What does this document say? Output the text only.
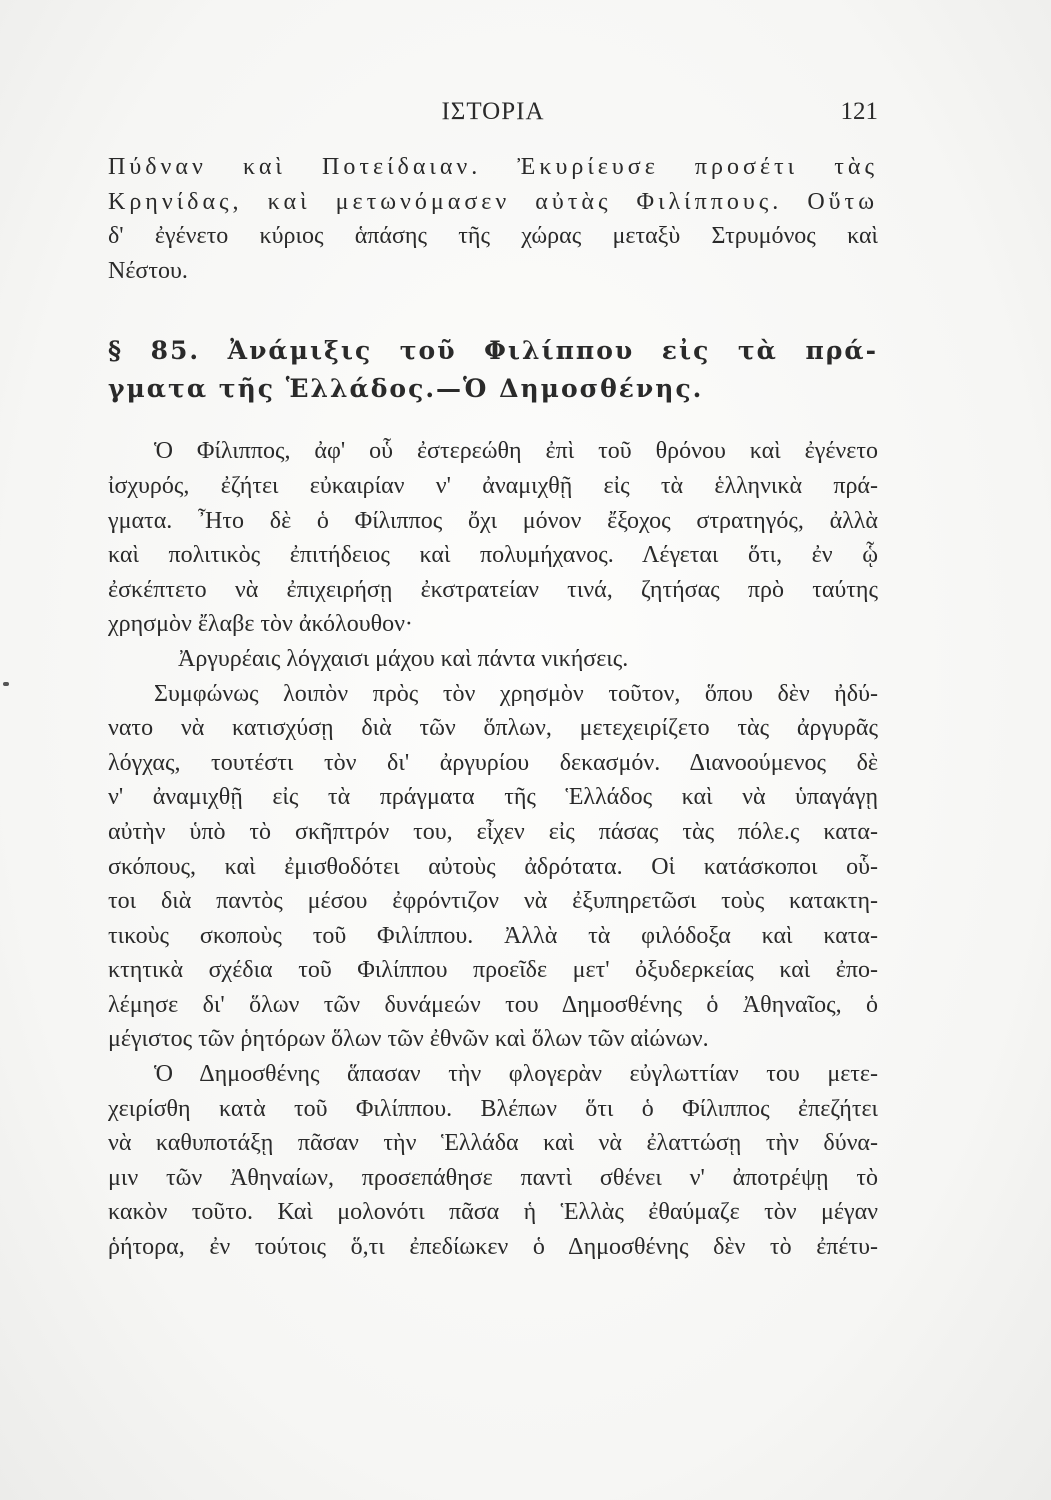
ΙΣΤΟΡΙΑ	121
Πύδναν καὶ Ποτείδαιαν. Ἐκυρίευσε προσέτι τὰς
Κρηνίδας, καὶ μετωνόμασεν αὐτὰς Φιλίππους. Οὕτω
δ' ἐγένετο κύριος ἁπάσης τῆς χώρας μεταξὺ Στρυμόνος καὶ
Νέστου.
§ 85. Ἀνάμιξις τοῦ Φιλίππου εἰς τὰ πρά-
γματα τῆς Ἑλλάδος.—Ὁ Δημοσθένης.
Ὁ Φίλιππος, ἀφ' οὗ ἐστερεώθη ἐπὶ τοῦ θρόνου καὶ ἐγένετο
ἰσχυρός, ἐζήτει εὐκαιρίαν ν' ἀναμιχθῇ εἰς τὰ ἑλληνικὰ πρά-
γματα. Ἦτο δὲ ὁ Φίλιππος ὄχι μόνον ἔξοχος στρατηγός, ἀλλὰ
καὶ πολιτικὸς ἐπιτήδειος καὶ πολυμήχανος. Λέγεται ὅτι, ἐν ᾧ
ἐσκέπτετο νὰ ἐπιχειρήσῃ ἐκστρατείαν τινά, ζητήσας πρὸ ταύτης
χρησμὸν ἔλαβε τὸν ἀκόλουθον·
Ἀργυρέαις λόγχαισι μάχου καὶ πάντα νικήσεις.
Συμφώνως λοιπὸν πρὸς τὸν χρησμὸν τοῦτον, ὅπου δὲν ἠδύ-
νατο νὰ κατισχύσῃ διὰ τῶν ὅπλων, μετεχειρίζετο τὰς ἀργυρᾶς
λόγχας, τουτέστι τὸν δι' ἀργυρίου δεκασμόν. Διανοούμενος δὲ
ν' ἀναμιχθῇ εἰς τὰ πράγματα τῆς Ἑλλάδος καὶ νὰ ὑπαγάγῃ
αὐτὴν ὑπὸ τὸ σκῆπτρόν του, εἶχεν εἰς πάσας τὰς πόλε.ς κατα-
σκόπους, καὶ ἐμισθοδότει αὐτοὺς ἀδρότατα. Οἱ κατάσκοποι οὗ-
τοι διὰ παντὸς μέσου ἐφρόντιζον νὰ ἐξυπηρετῶσι τοὺς κατακτη-
τικοὺς σκοποὺς τοῦ Φιλίππου. Ἀλλὰ τὰ φιλόδοξα καὶ κατα-
κτητικὰ σχέδια τοῦ Φιλίππου προεῖδε μετ' ὀξυδερκείας καὶ ἐπο-
λέμησε δι' ὅλων τῶν δυνάμεών του Δημοσθένης ὁ Ἀθηναῖος, ὁ
μέγιστος τῶν ῥητόρων ὅλων τῶν ἐθνῶν καὶ ὅλων τῶν αἰώνων.
Ὁ Δημοσθένης ἅπασαν τὴν φλογερὰν εὐγλωττίαν του μετε-
χειρίσθη κατὰ τοῦ Φιλίππου. Βλέπων ὅτι ὁ Φίλιππος ἐπεζήτει
νὰ καθυποτάξῃ πᾶσαν τὴν Ἑλλάδα καὶ νὰ ἐλαττώσῃ τὴν δύνα-
μιν τῶν Ἀθηναίων, προσεπάθησε παντὶ σθένει ν' ἀποτρέψῃ τὸ
κακὸν τοῦτο. Καὶ μολονότι πᾶσα ἡ Ἑλλὰς ἐθαύμαζε τὸν μέγαν
ῥήτορα, ἐν τούτοις ὅ,τι ἐπεδίωκεν ὁ Δημοσθένης δὲν τὸ ἐπέτυ-
